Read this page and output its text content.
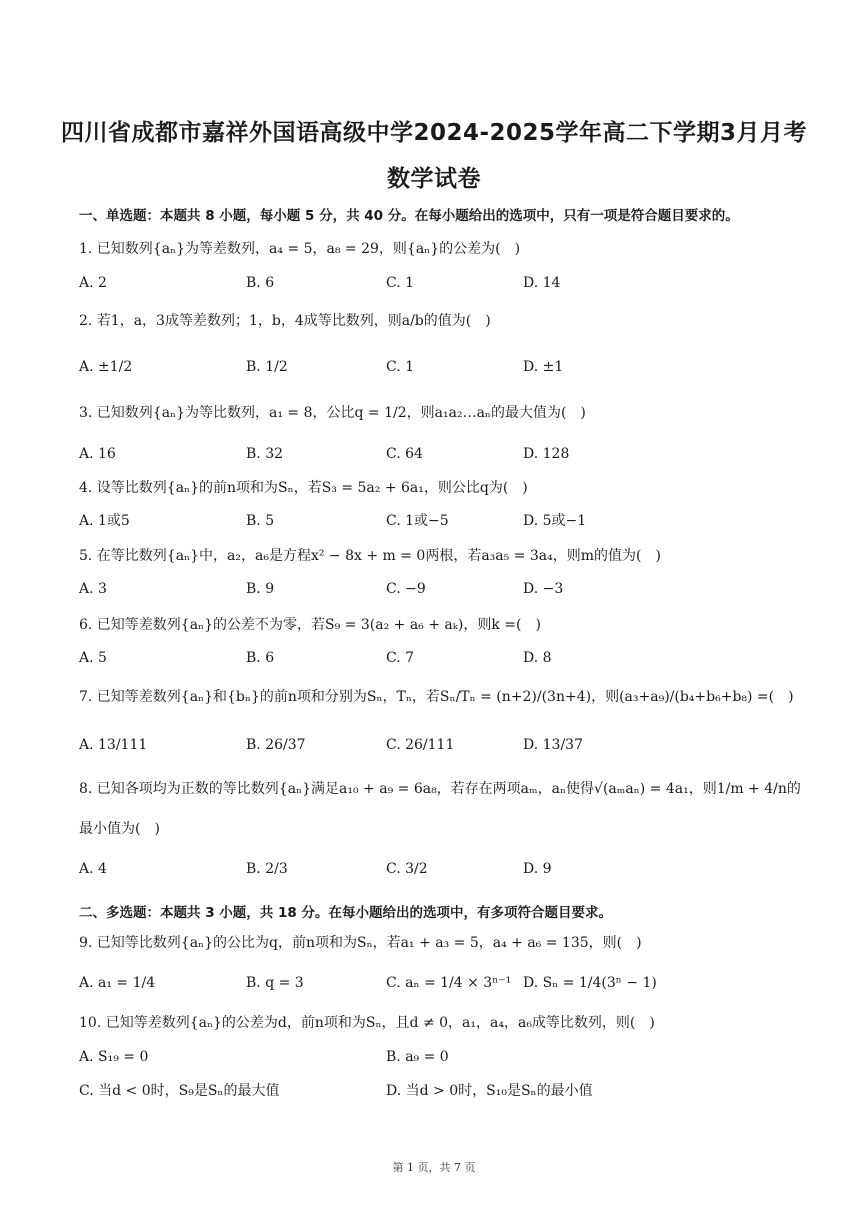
四川省成都市嘉祥外国语高级中学2024-2025学年高二下学期3月月考
数学试卷
一、单选题：本题共 8 小题，每小题 5 分，共 40 分。在每小题给出的选项中，只有一项是符合题目要求的。
1. 已知数列{aₙ}为等差数列，a₄ = 5，a₈ = 29，则{aₙ}的公差为(　)
A. 2	B. 6	C. 1	D. 14
2. 若1，a，3成等差数列；1，b，4成等比数列，则a/b的值为(　)
A. ±1/2	B. 1/2	C. 1	D. ±1
3. 已知数列{aₙ}为等比数列，a₁ = 8，公比q = 1/2，则a₁a₂…aₙ的最大值为(　)
A. 16	B. 32	C. 64	D. 128
4. 设等比数列{aₙ}的前n项和为Sₙ，若S₃ = 5a₂ + 6a₁，则公比q为(　)
A. 1或5	B. 5	C. 1或−5	D. 5或−1
5. 在等比数列{aₙ}中，a₂，a₆是方程x² − 8x + m = 0两根，若a₃a₅ = 3a₄，则m的值为(　)
A. 3	B. 9	C. −9	D. −3
6. 已知等差数列{aₙ}的公差不为零，若S₉ = 3(a₂ + a₆ + aₖ)，则k =(　)
A. 5	B. 6	C. 7	D. 8
7. 已知等差数列{aₙ}和{bₙ}的前n项和分别为Sₙ，Tₙ，若Sₙ/Tₙ = (n+2)/(3n+4)，则(a₃+a₉)/(b₄+b₆+b₈) =(　)
A. 13/111	B. 26/37	C. 26/111	D. 13/37
8. 已知各项均为正数的等比数列{aₙ}满足a₁₀ + a₉ = 6a₈，若存在两项aₘ，aₙ使得√(aₘaₙ) = 4a₁，则1/m + 4/n的
最小值为(　)
A. 4	B. 2/3	C. 3/2	D. 9
二、多选题：本题共 3 小题，共 18 分。在每小题给出的选项中，有多项符合题目要求。
9. 已知等比数列{aₙ}的公比为q，前n项和为Sₙ，若a₁ + a₃ = 5，a₄ + a₆ = 135，则(　)
A. a₁ = 1/4	B. q = 3	C. aₙ = 1/4 × 3ⁿ⁻¹ D. Sₙ = 1/4(3ⁿ − 1)
10. 已知等差数列{aₙ}的公差为d，前n项和为Sₙ，且d ≠ 0，a₁，a₄，a₆成等比数列，则(　)
A. S₁₉ = 0	B. a₉ = 0
C. 当d < 0时，S₉是Sₙ的最大值	D. 当d > 0时，S₁₀是Sₙ的最小值
第 1 页，共 7 页
